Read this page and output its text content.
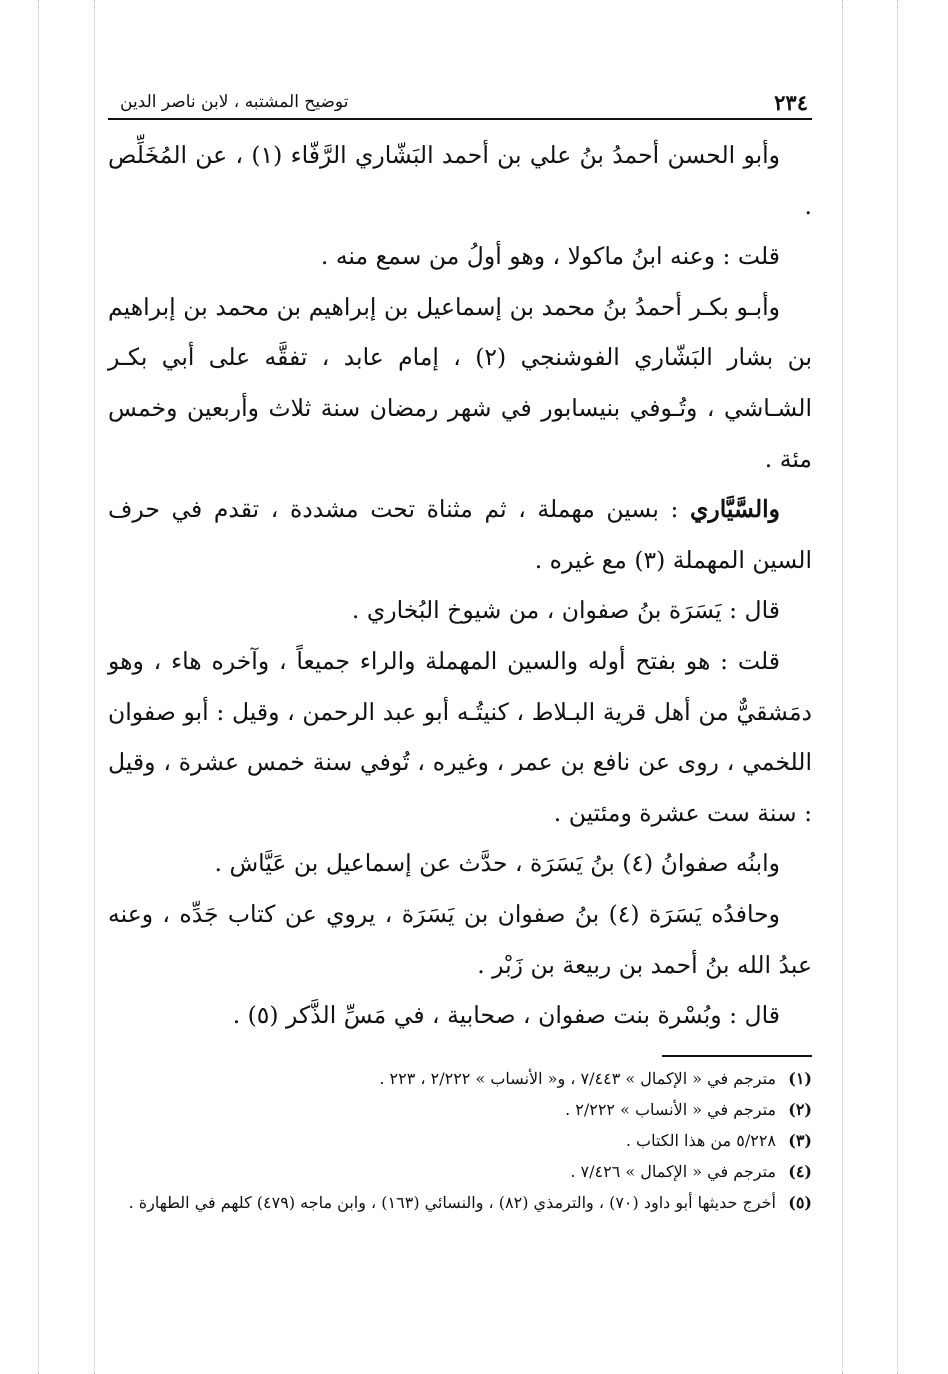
٢٣٤
توضيح المشتبه ، لابن ناصر الدين

وأبو الحسن أحمدُ بنُ علي بن أحمد البَشّاري الرَّفّاء (١) ، عن المُخَلِّص .

قلت : وعنه ابنُ ماكولا ، وهو أولُ من سمع منه .

وأبـو بكـر أحمدُ بنُ محمد بن إسماعيل بن إبراهيم بن محمد بن إبراهيم بن بشار البَشّاري الفوشنجي (٢) ، إمام عابد ، تفقَّه على أبي بكـر الشـاشي ، وتُـوفي بنيسابور في شهر رمضان سنة ثلاث وأربعين وخمس مئة .

والسَّيَّاري : بسين مهملة ، ثم مثناة تحت مشددة ، تقدم في حرف السين المهملة (٣) مع غيره .

قال : يَسَرَة بنُ صفوان ، من شيوخ البُخاري .

قلت : هو بفتح أوله والسين المهملة والراء جميعاً ، وآخره هاء ، وهو دمَشقيٌّ من أهل قرية البـلاط ، كنيتُـه أبو عبد الرحمن ، وقيل : أبو صفوان اللخمي ، روى عن نافع بن عمر ، وغيره ، تُوفي سنة خمس عشرة ، وقيل : سنة ست عشرة ومئتين .

وابنُه صفوانُ (٤) بنُ يَسَرَة ، حدَّث عن إسماعيل بن عَيَّاش .

وحافدُه يَسَرَة (٤) بنُ صفوان بن يَسَرَة ، يروي عن كتاب جَدِّه ، وعنه عبدُ الله بنُ أحمد بن ربيعة بن زَبْر .

قال : وبُسْرة بنت صفوان ، صحابية ، في مَسِّ الذَّكر (٥) .

(١)
مترجم في « الإكمال » ٧/٤٤٣ ، و« الأنساب » ٢/٢٢٢ ، ٢٢٣ .
(٢)
مترجم في « الأنساب » ٢/٢٢٢ .
(٣)
٥/٢٢٨ من هذا الكتاب .
(٤)
مترجم في « الإكمال » ٧/٤٢٦ .
(٥)
أخرج حديثها أبو داود (٧٠) ، والترمذي (٨٢) ، والنسائي (١٦٣) ، وابن ماجه (٤٧٩) كلهم في الطهارة .
